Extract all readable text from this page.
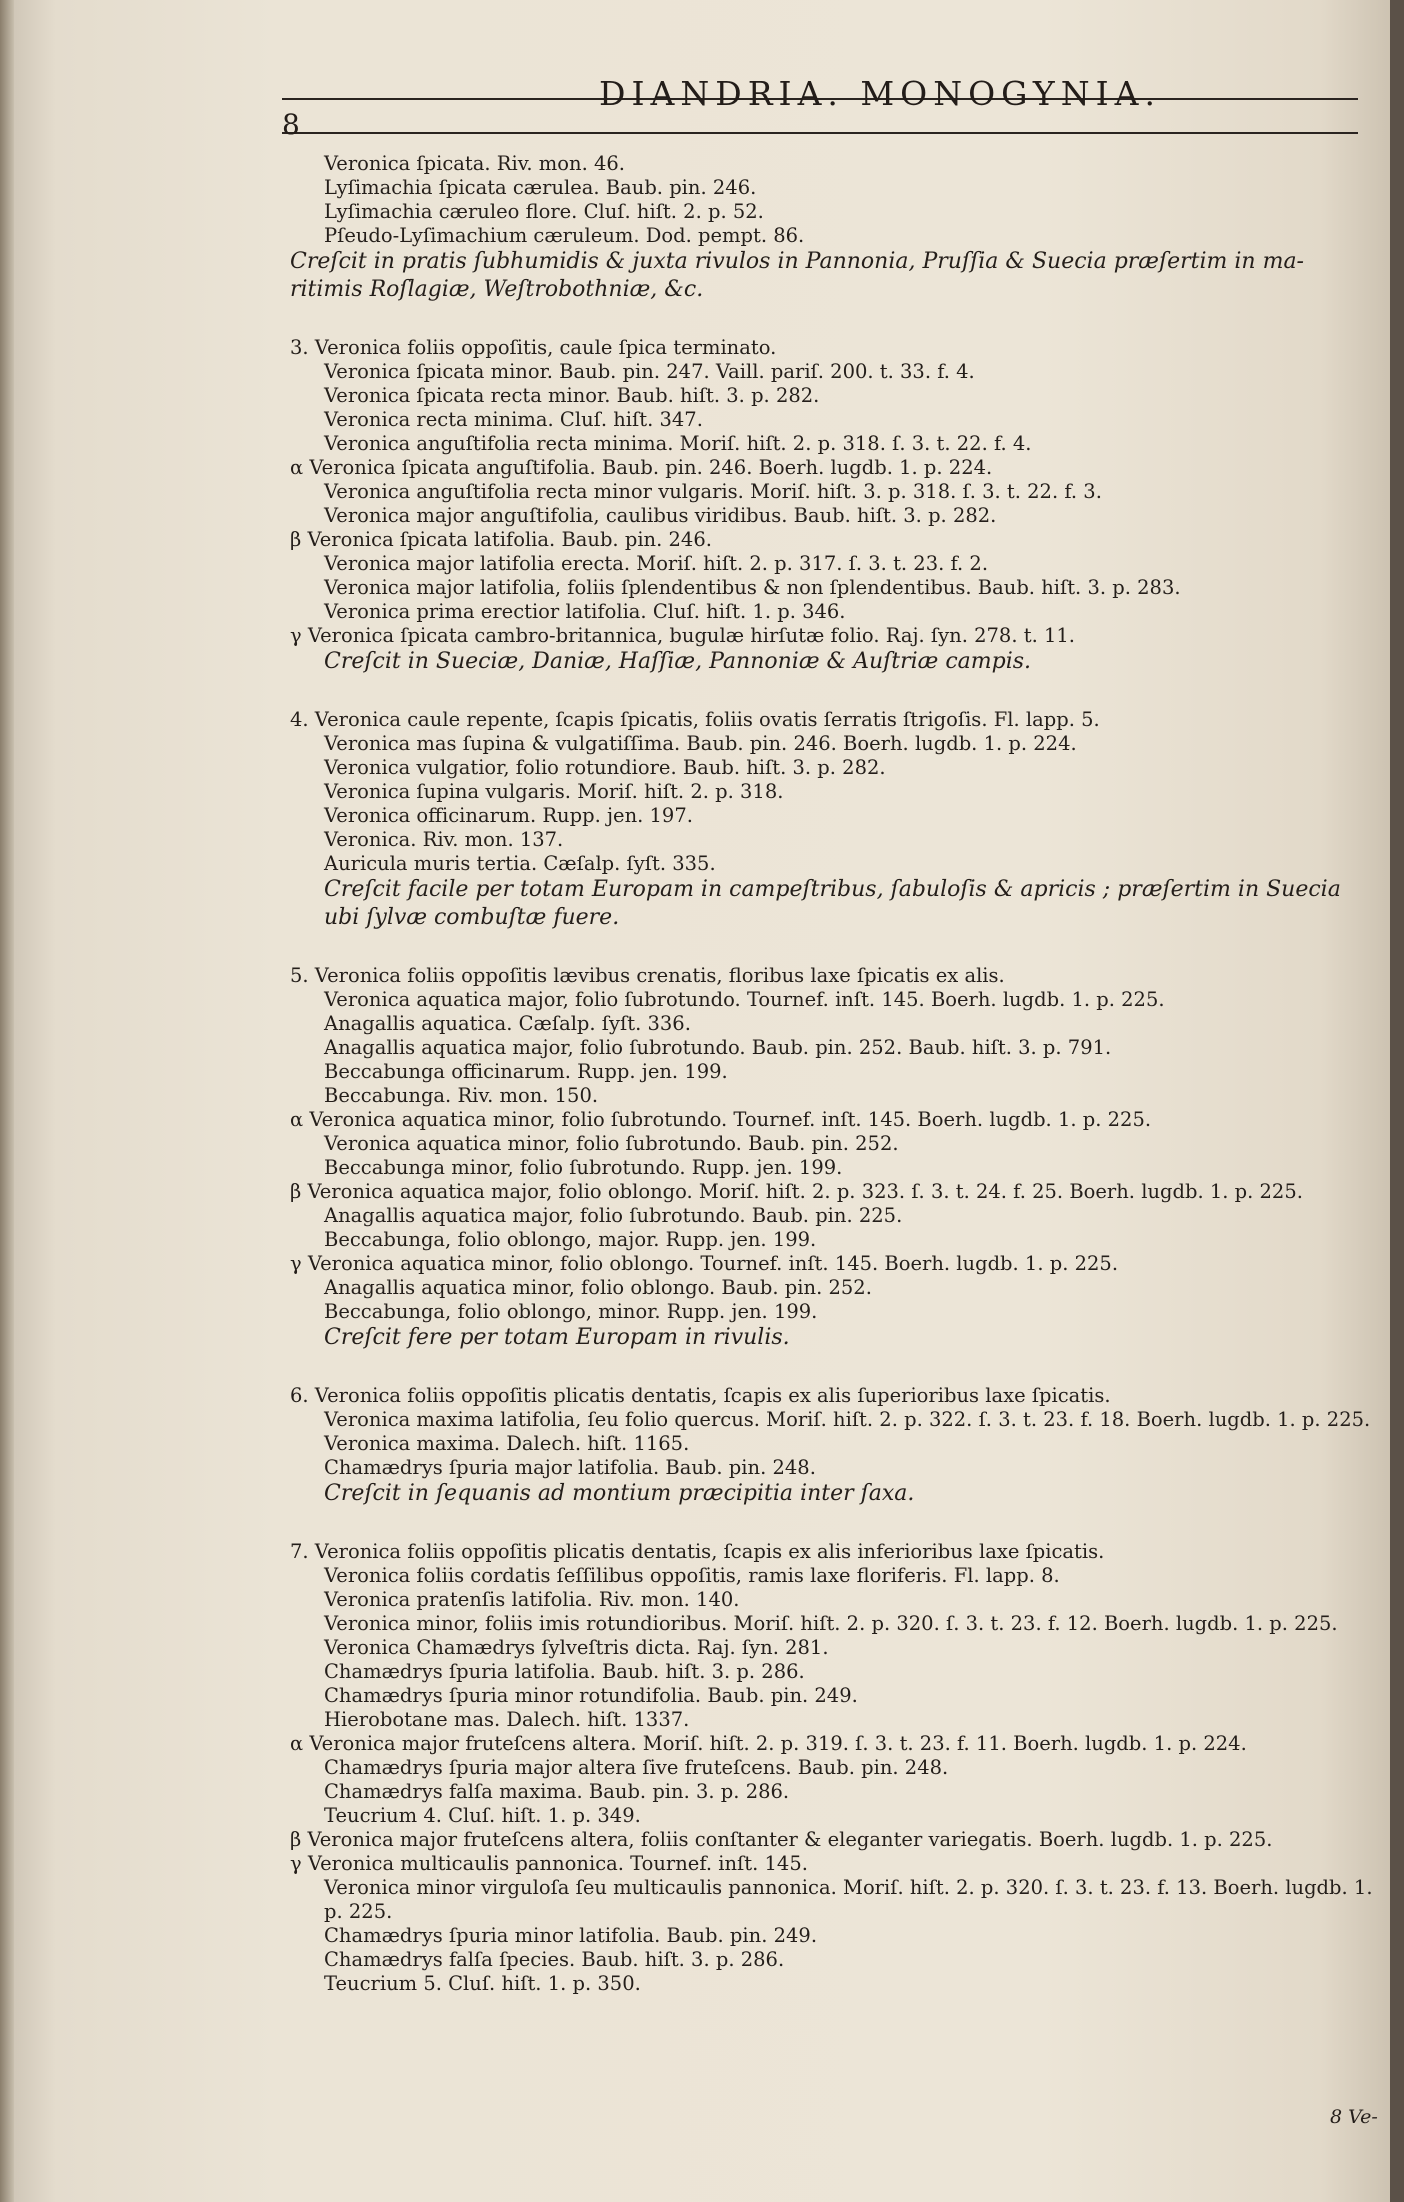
8
DIANDRIA. MONOGYNIA.
Veronica ſpicata. Riv. mon. 46.
Lyſimachia ſpicata cærulea. Baub. pin. 246.
Lyſimachia cæruleo flore. Cluſ. hiſt. 2. p. 52.
Pſeudo-Lyſimachium cæruleum. Dod. pempt. 86.
Creſcit in pratis ſubhumidis & juxta rivulos in Pannonia, Pruſſia & Suecia præſertim in ma-
ritimis Roſlagiæ, Weſtrobothniæ, &c.
3. Veronica foliis oppoſitis, caule ſpica terminato.
Veronica ſpicata minor. Baub. pin. 247. Vaill. pariſ. 200. t. 33. f. 4.
Veronica ſpicata recta minor. Baub. hiſt. 3. p. 282.
Veronica recta minima. Cluſ. hiſt. 347.
Veronica anguſtifolia recta minima. Moriſ. hiſt. 2. p. 318. ſ. 3. t. 22. f. 4.
α Veronica ſpicata anguſtifolia. Baub. pin. 246. Boerh. lugdb. 1. p. 224.
Veronica anguſtifolia recta minor vulgaris. Moriſ. hiſt. 3. p. 318. ſ. 3. t. 22. f. 3.
Veronica major anguſtifolia, caulibus viridibus. Baub. hiſt. 3. p. 282.
β Veronica ſpicata latifolia. Baub. pin. 246.
Veronica major latifolia erecta. Moriſ. hiſt. 2. p. 317. ſ. 3. t. 23. f. 2.
Veronica major latifolia, foliis ſplendentibus & non ſplendentibus. Baub. hiſt. 3. p. 283.
Veronica prima erectior latifolia. Cluſ. hiſt. 1. p. 346.
γ Veronica ſpicata cambro-britannica, bugulæ hirſutæ folio. Raj. ſyn. 278. t. 11.
Creſcit in Sueciæ, Daniæ, Haſſiæ, Pannoniæ & Auſtriæ campis.
4. Veronica caule repente, ſcapis ſpicatis, foliis ovatis ſerratis ſtrigoſis. Fl. lapp. 5.
Veronica mas ſupina & vulgatiſſima. Baub. pin. 246. Boerh. lugdb. 1. p. 224.
Veronica vulgatior, folio rotundiore. Baub. hiſt. 3. p. 282.
Veronica ſupina vulgaris. Moriſ. hiſt. 2. p. 318.
Veronica officinarum. Rupp. jen. 197.
Veronica. Riv. mon. 137.
Auricula muris tertia. Cæſalp. ſyſt. 335.
Creſcit facile per totam Europam in campeſtribus, ſabuloſis & apricis ; præſertim in Suecia
ubi ſylvæ combuſtæ fuere.
5. Veronica foliis oppoſitis lævibus crenatis, floribus laxe ſpicatis ex alis.
Veronica aquatica major, folio ſubrotundo. Tournef. inſt. 145. Boerh. lugdb. 1. p. 225.
Anagallis aquatica. Cæſalp. ſyſt. 336.
Anagallis aquatica major, folio ſubrotundo. Baub. pin. 252. Baub. hiſt. 3. p. 791.
Beccabunga officinarum. Rupp. jen. 199.
Beccabunga. Riv. mon. 150.
α Veronica aquatica minor, folio ſubrotundo. Tournef. inſt. 145. Boerh. lugdb. 1. p. 225.
Veronica aquatica minor, folio ſubrotundo. Baub. pin. 252.
Beccabunga minor, folio ſubrotundo. Rupp. jen. 199.
β Veronica aquatica major, folio oblongo. Moriſ. hiſt. 2. p. 323. ſ. 3. t. 24. f. 25. Boerh. lugdb. 1. p. 225.
Anagallis aquatica major, folio ſubrotundo. Baub. pin. 225.
Beccabunga, folio oblongo, major. Rupp. jen. 199.
γ Veronica aquatica minor, folio oblongo. Tournef. inſt. 145. Boerh. lugdb. 1. p. 225.
Anagallis aquatica minor, folio oblongo. Baub. pin. 252.
Beccabunga, folio oblongo, minor. Rupp. jen. 199.
Creſcit fere per totam Europam in rivulis.
6. Veronica foliis oppoſitis plicatis dentatis, ſcapis ex alis ſuperioribus laxe ſpicatis.
Veronica maxima latifolia, ſeu folio quercus. Moriſ. hiſt. 2. p. 322. ſ. 3. t. 23. f. 18. Boerh. lugdb. 1. p. 225.
Veronica maxima. Dalech. hiſt. 1165.
Chamædrys ſpuria major latifolia. Baub. pin. 248.
Creſcit in ſequanis ad montium præcipitia inter ſaxa.
7. Veronica foliis oppoſitis plicatis dentatis, ſcapis ex alis inferioribus laxe ſpicatis.
Veronica foliis cordatis ſeſſilibus oppoſitis, ramis laxe floriferis. Fl. lapp. 8.
Veronica pratenſis latifolia. Riv. mon. 140.
Veronica minor, foliis imis rotundioribus. Moriſ. hiſt. 2. p. 320. ſ. 3. t. 23. f. 12. Boerh. lugdb. 1. p. 225.
Veronica Chamædrys ſylveſtris dicta. Raj. ſyn. 281.
Chamædrys ſpuria latifolia. Baub. hiſt. 3. p. 286.
Chamædrys ſpuria minor rotundifolia. Baub. pin. 249.
Hierobotane mas. Dalech. hiſt. 1337.
α Veronica major fruteſcens altera. Moriſ. hiſt. 2. p. 319. ſ. 3. t. 23. f. 11. Boerh. lugdb. 1. p. 224.
Chamædrys ſpuria major altera ſive fruteſcens. Baub. pin. 248.
Chamædrys falſa maxima. Baub. pin. 3. p. 286.
Teucrium 4. Cluſ. hiſt. 1. p. 349.
β Veronica major fruteſcens altera, foliis conſtanter & eleganter variegatis. Boerh. lugdb. 1. p. 225.
γ Veronica multicaulis pannonica. Tournef. inſt. 145.
Veronica minor virguloſa ſeu multicaulis pannonica. Moriſ. hiſt. 2. p. 320. ſ. 3. t. 23. f. 13. Boerh. lugdb. 1.
p. 225.
Chamædrys ſpuria minor latifolia. Baub. pin. 249.
Chamædrys falſa ſpecies. Baub. hiſt. 3. p. 286.
Teucrium 5. Cluſ. hiſt. 1. p. 350.
8 Ve-
